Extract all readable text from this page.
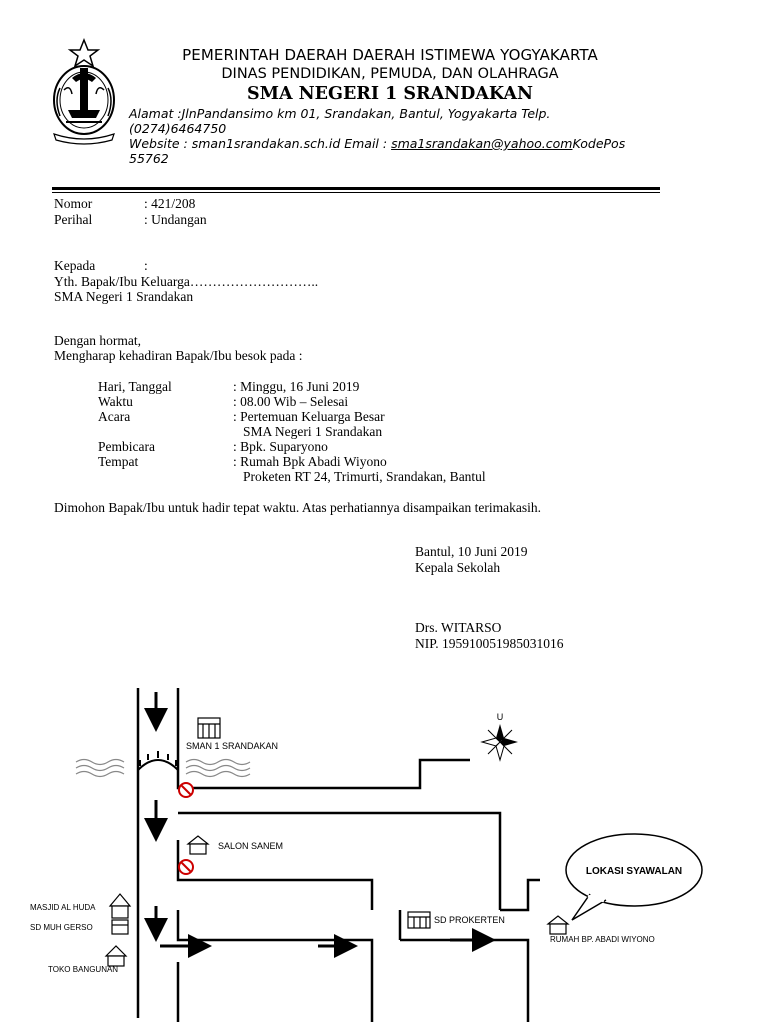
PEMERINTAH DAERAH DAERAH ISTIMEWA YOGYAKARTA
DINAS PENDIDIKAN, PEMUDA, DAN OLAHRAGA
SMA NEGERI 1 SRANDAKAN
Alamat :JlnPandansimo km 01, Srandakan, Bantul, Yogyakarta Telp.
(0274)6464750
Website : sman1srandakan.sch.id Email : sma1srandakan@yahoo.comKodePos
55762
Nomor	: 421/208
Perihal	: Undangan
Kepada	:
Yth. Bapak/Ibu Keluarga………………………..
SMA Negeri 1 Srandakan
Dengan hormat,
Mengharap kehadiran Bapak/Ibu besok pada :
Hari, Tanggal	: Minggu, 16 Juni 2019
Waktu	: 08.00 Wib – Selesai
Acara	: Pertemuan Keluarga Besar
SMA Negeri 1 Srandakan
Pembicara	: Bpk. Suparyono
Tempat	: Rumah Bpk Abadi Wiyono
Proketen RT 24, Trimurti, Srandakan, Bantul
Dimohon Bapak/Ibu untuk hadir tepat waktu. Atas perhatiannya disampaikan terimakasih.
Bantul, 10 Juni 2019
Kepala Sekolah
Drs. WITARSO
NIP. 195910051985031016
SMAN 1 SRANDAKAN
SALON SANEM
MASJID AL HUDA
SD MUH GERSO
TOKO BANGUNAN
SD PROKERTEN
RUMAH BP. ABADI WIYONO
LOKASI SYAWALAN
U
